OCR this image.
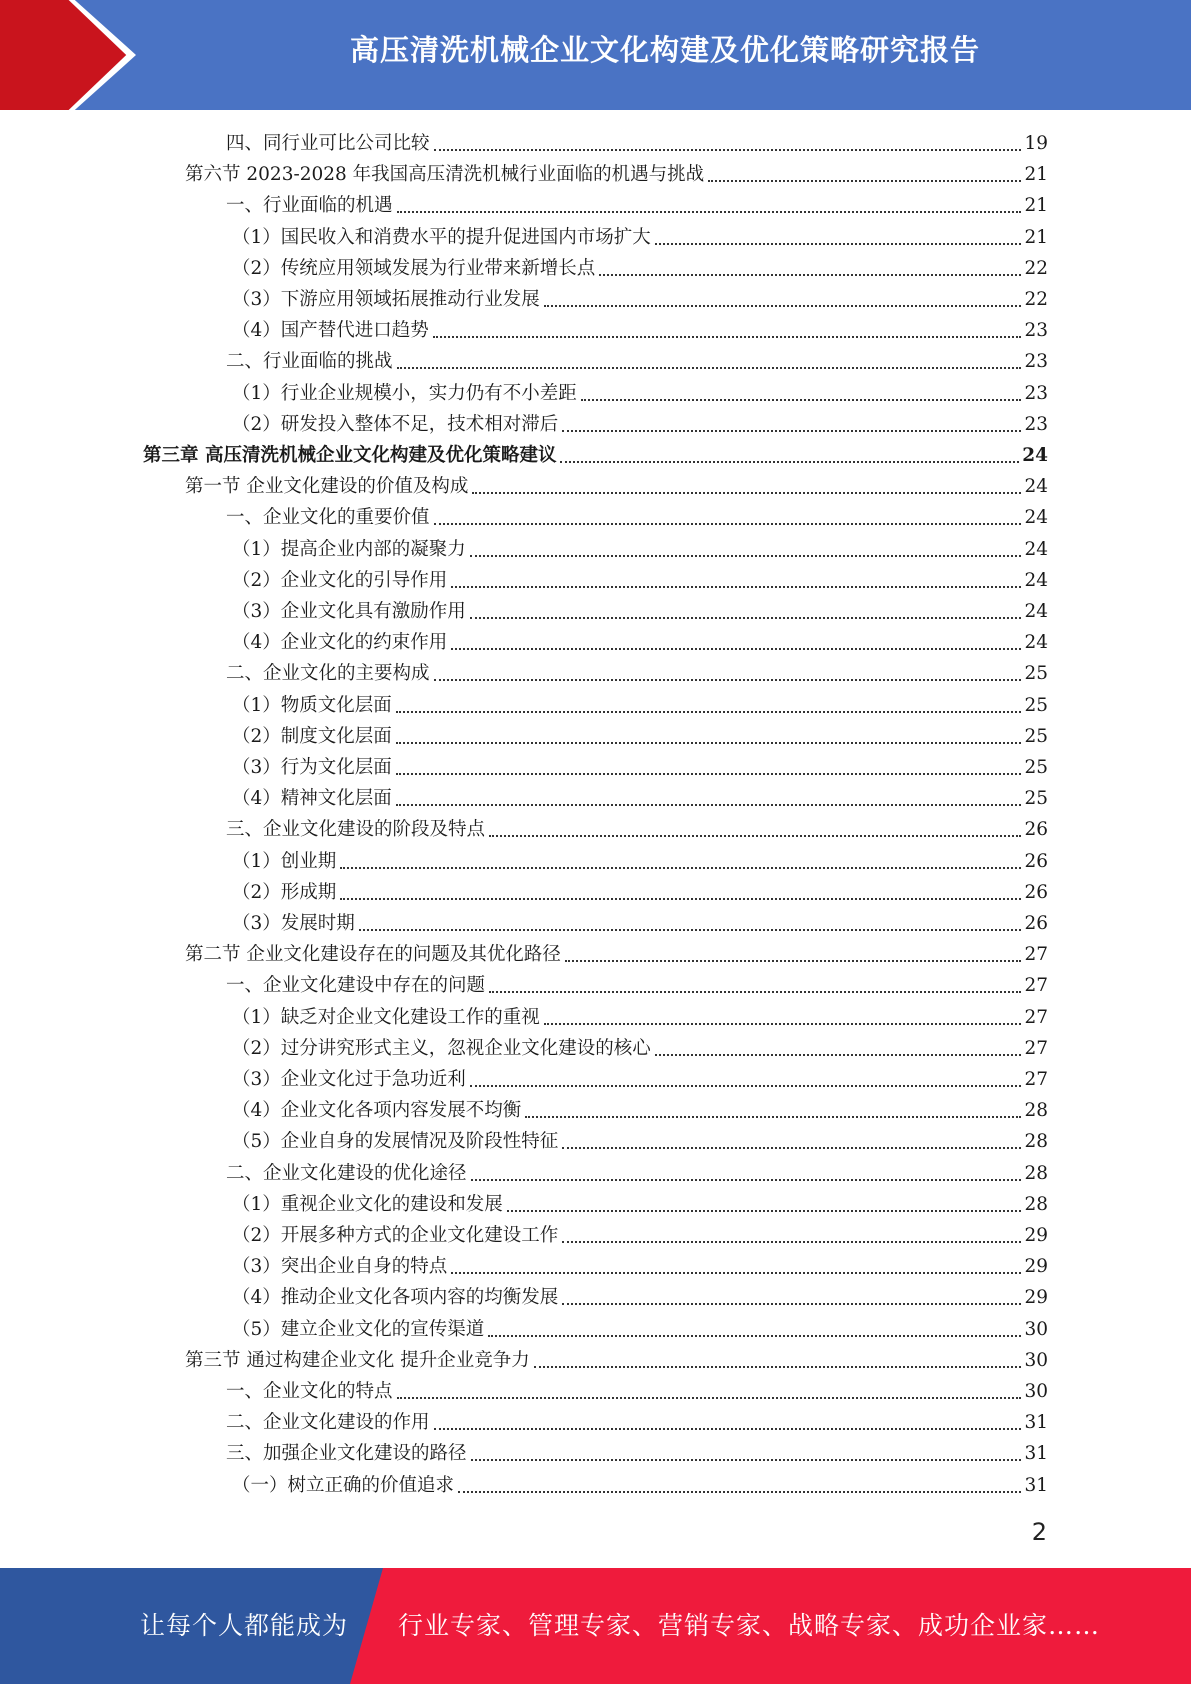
高压清洗机械企业文化构建及优化策略研究报告
四、同行业可比公司比较	19
第六节 2023-2028 年我国高压清洗机械行业面临的机遇与挑战	21
一、行业面临的机遇	21
（1）国民收入和消费水平的提升促进国内市场扩大	21
（2）传统应用领域发展为行业带来新增长点	22
（3）下游应用领域拓展推动行业发展	22
（4）国产替代进口趋势	23
二、行业面临的挑战	23
（1）行业企业规模小，实力仍有不小差距	23
（2）研发投入整体不足，技术相对滞后	23
第三章 高压清洗机械企业文化构建及优化策略建议	24
第一节 企业文化建设的价值及构成	24
一、企业文化的重要价值	24
（1）提高企业内部的凝聚力	24
（2）企业文化的引导作用	24
（3）企业文化具有激励作用	24
（4）企业文化的约束作用	24
二、企业文化的主要构成	25
（1）物质文化层面	25
（2）制度文化层面	25
（3）行为文化层面	25
（4）精神文化层面	25
三、企业文化建设的阶段及特点	26
（1）创业期	26
（2）形成期	26
（3）发展时期	26
第二节 企业文化建设存在的问题及其优化路径	27
一、企业文化建设中存在的问题	27
（1）缺乏对企业文化建设工作的重视	27
（2）过分讲究形式主义，忽视企业文化建设的核心	27
（3）企业文化过于急功近利	27
（4）企业文化各项内容发展不均衡	28
（5）企业自身的发展情况及阶段性特征	28
二、企业文化建设的优化途径	28
（1）重视企业文化的建设和发展	28
（2）开展多种方式的企业文化建设工作	29
（3）突出企业自身的特点	29
（4）推动企业文化各项内容的均衡发展	29
（5）建立企业文化的宣传渠道	30
第三节 通过构建企业文化 提升企业竞争力	30
一、企业文化的特点	30
二、企业文化建设的作用	31
三、加强企业文化建设的路径	31
（一）树立正确的价值追求	31
2
让每个人都能成为 行业专家、管理专家、营销专家、战略专家、成功企业家……
